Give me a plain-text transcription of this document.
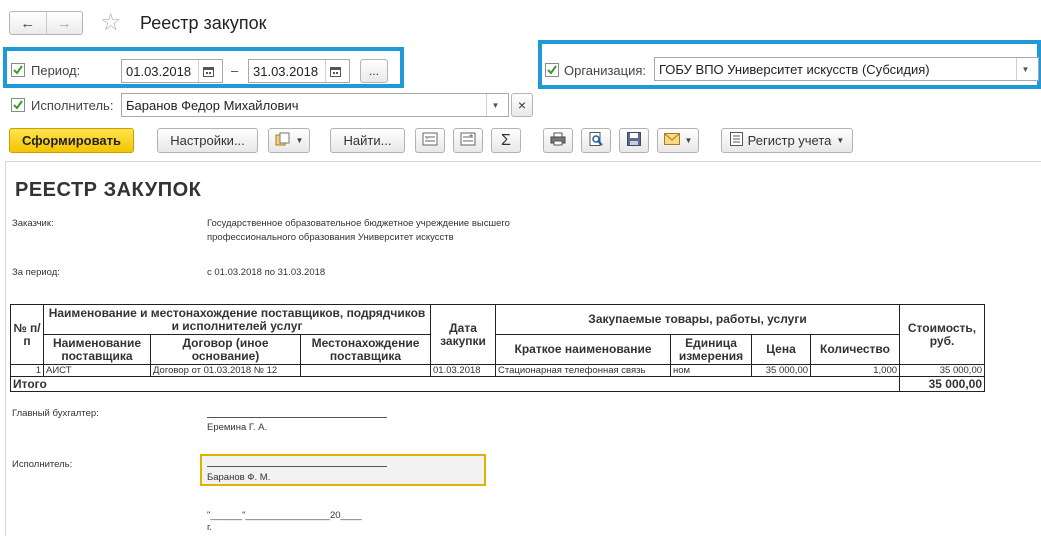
← → ☆ Реестр закупок
Период:	01.03.2018	– 31.03.2018	...	Организация: ГОБУ ВПО Университет искусств (Субсидия)	▼
Исполнитель: Баранов Федор Михайлович	▼	×
Сформировать	Настройки...	▼	Найти...	-	+ Σ	▼	Регистр учета ▼
РЕЕСТР ЗАКУПОК
Заказчик:	Государственное образовательное бюджетное учреждение высшего
профессионального образования Университет искусств
За период:	с 01.03.2018 по 31.03.2018
№ п/п	Наименование и местонахождение поставщиков, подрядчиков и исполнителей услуг			Дата закупки	Закупаемые товары, работы, услуги				Стоимость, руб.
	Наименование поставщика	Договор (иное основание)	Местонахождение поставщика		Краткое наименование	Единица измерения	Цена	Количество	
1	АИСТ	Договор от 01.03.2018 № 12		01.03.2018	Стационарная телефонная связь	ном	35 000,00	1,000	35 000,00
Итого									35 000,00
Главный бухгалтер:
Еремина Г. А.
Исполнитель:
Баранов Ф. М.
"______"________________20____
г.
